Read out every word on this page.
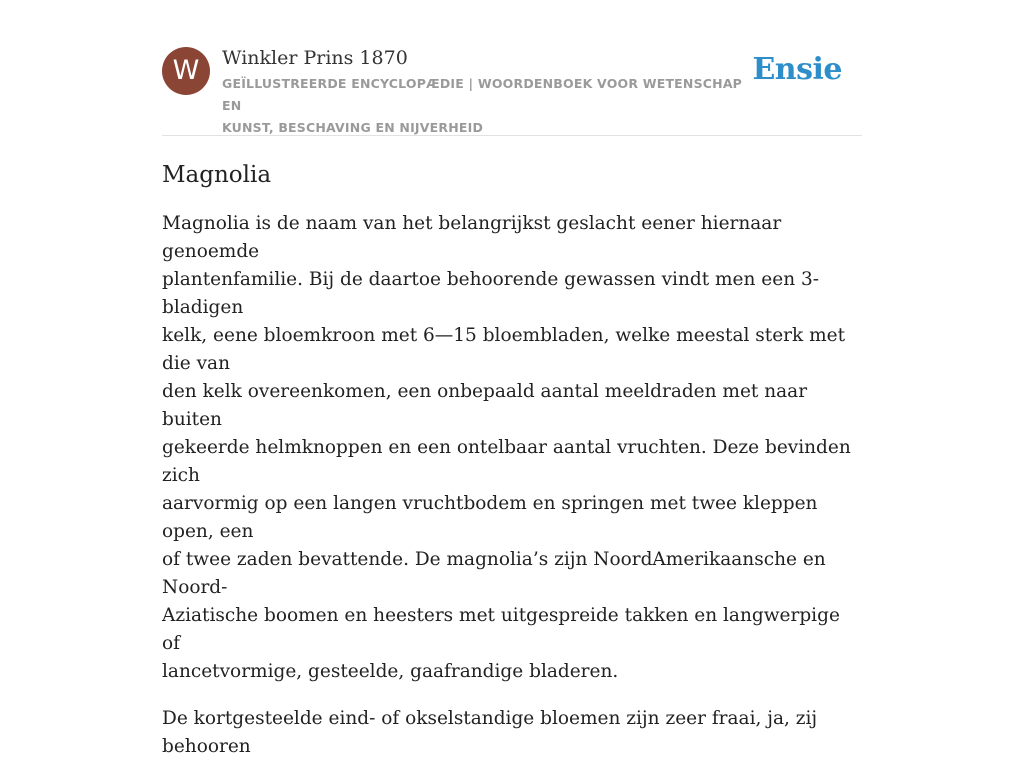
W	Winkler Prins 1870
GEÏLLUSTREERDE ENCYCLOPÆDIE | WOORDENBOEK VOOR WETENSCHAP EN
KUNST, BESCHAVING EN NIJVERHEID
Ensie
Magnolia

Magnolia is de naam van het belangrijkst geslacht eener hiernaar genoemde
plantenfamilie. Bij de daartoe behoorende gewassen vindt men een 3-bladigen
kelk, eene bloemkroon met 6—15 bloembladen, welke meestal sterk met die van
den kelk overeenkomen, een onbepaald aantal meeldraden met naar buiten
gekeerde helmknoppen en een ontelbaar aantal vruchten. Deze bevinden zich
aarvormig op een langen vruchtbodem en springen met twee kleppen open, een
of twee zaden bevattende. De magnolia’s zijn NoordAmerikaansche en Noord-
Aziatische boomen en heesters met uitgespreide takken en langwerpige of
lancetvormige, gesteelde, gaafrandige bladeren.

De kortgesteelde eind- of okselstandige bloemen zijn zeer fraai, ja, zij behooren
